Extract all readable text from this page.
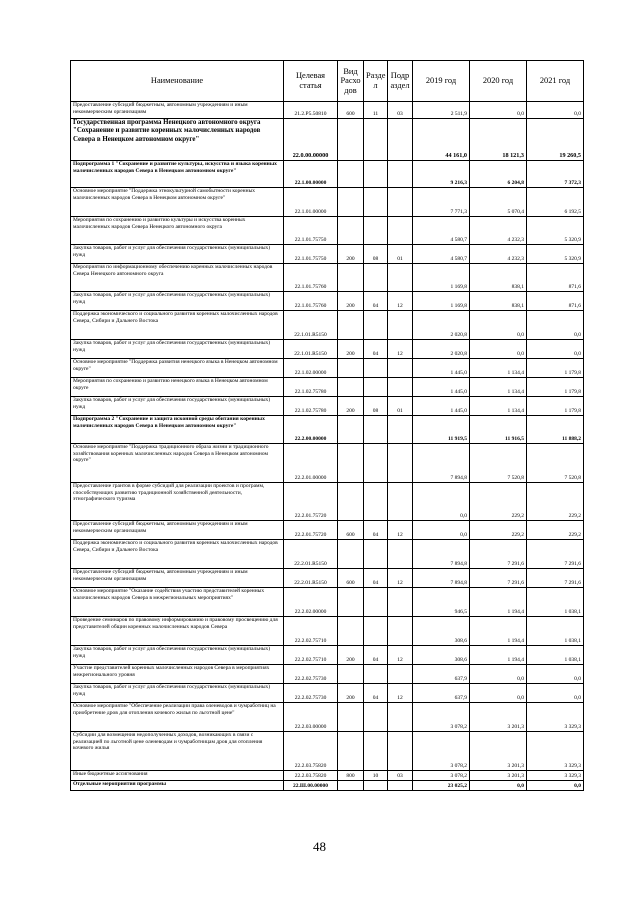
Наименование	Целевая статья	Вид Расхо дов	Разде л	Подр аздел	2019 год	2020 год	2021 год
Предоставление субсидий бюджетным, автономным учреждениям и иным некоммерческим организациям	21.2.P5.50810	600	11	03	2 511,9	0,0	0,0
Государственная программа Ненецкого автономного округа "Сохранение и развитие коренных малочисленных народов Севера в Ненецком автономном округе"	22.0.00.00000				44 161,0	18 121,3	19 260,5
Подпрограмма 1 "Сохранение и развитие культуры, искусства и языка коренных малочисленных народов Севера в Ненецком автономном округе"	22.1.00.00000				9 216,3	6 204,8	7 372,3
Основное мероприятие "Поддержка этнокультурной самобытности коренных малочисленных народов Севера в Ненецком автономном округе"	22.1.01.00000				7 771,3	5 070,4	6 192,5
Мероприятия по сохранению и развитию культуры и искусства коренных малочисленных народов Севера Ненецкого автономного округа	22.1.01.75750				4 580,7	4 232,3	5 320,9
Закупка товаров, работ и услуг для обеспечения государственных (муниципальных) нужд	22.1.01.75750	200	08	01	4 580,7	4 232,3	5 320,9
Мероприятия по информационному обеспечению коренных малочисленных народов Севера Ненецкого автономного округа	22.1.01.75760				1 169,8	838,1	871,6
Закупка товаров, работ и услуг для обеспечения государственных (муниципальных) нужд	22.1.01.75760	200	04	12	1 169,8	838,1	871,6
Поддержка экономического и социального развития коренных малочисленных народов Севера, Сибири и Дальнего Востока	22.1.01.R5150				2 020,8	0,0	0,0
Закупка товаров, работ и услуг для обеспечения государственных (муниципальных) нужд	22.1.01.R5150	200	04	12	2 020,8	0,0	0,0
Основное мероприятие "Поддержка развития ненецкого языка в Ненецком автономном округе"	22.1.02.00000				1 445,0	1 134,4	1 179,8
Мероприятия по сохранению и развитию ненецкого языка в Ненецком автономном округе	22.1.02.75780				1 445,0	1 134,4	1 179,8
Закупка товаров, работ и услуг для обеспечения государственных (муниципальных) нужд	22.1.02.75780	200	08	01	1 445,0	1 134,4	1 179,8
Подпрограмма 2 "Сохранение и защита исконной среды обитания коренных малочисленных народов Севера в Ненецком автономном округе"	22.2.00.00000				11 919,5	11 916,5	11 888,2
Основное мероприятие "Поддержка традиционного образа жизни и традиционного хозяйствования коренных малочисленных народов Севера в Ненецком автономном округе"	22.2.01.00000				7 894,8	7 520,8	7 520,8
Предоставление грантов в форме субсидий для реализации проектов и программ, способствующих развитию традиционной хозяйственной деятельности, этнографического туризма	22.2.01.75720				0,0	229,2	229,2
Предоставление субсидий бюджетным, автономным учреждениям и иным некоммерческим организациям	22.2.01.75720	600	04	12	0,0	229,2	229,2
Поддержка экономического и социального развития коренных малочисленных народов Севера, Сибири и Дальнего Востока	22.2.01.R5150				7 894,8	7 291,6	7 291,6
Предоставление субсидий бюджетным, автономным учреждениям и иным некоммерческим организациям	22.2.01.R5150	600	04	12	7 894,8	7 291,6	7 291,6
Основное мероприятие "Оказание содействия участию представителей коренных малочисленных народов Севера в межрегиональных мероприятиях"	22.2.02.00000				946,5	1 194,4	1 038,1
Проведение семинаров по правовому информированию и правовому просвещению для представителей общин коренных малочисленных народов Севера	22.2.02.75710				308,6	1 194,4	1 038,1
Закупка товаров, работ и услуг для обеспечения государственных (муниципальных) нужд	22.2.02.75710	200	04	12	308,6	1 194,4	1 038,1
Участие представителей коренных малочисленных народов Севера в мероприятиях межрегионального уровня	22.2.02.75730				637,9	0,0	0,0
Закупка товаров, работ и услуг для обеспечения государственных (муниципальных) нужд	22.2.02.75730	200	04	12	637,9	0,0	0,0
Основное мероприятие "Обеспечение реализации права оленеводов и чумработниц на приобретение дров для отопления кочевого жилья по льготной цене"	22.2.03.00000				3 078,2	3 201,3	3 329,3
Субсидии для возмещения недополученных доходов, возникающих в связи с реализацией по льготной цене оленеводам и чумработницам дров для отопления кочевого жилья	22.2.03.75820				3 078,2	3 201,3	3 329,3
Иные бюджетные ассигнования	22.2.03.75820	800	10	03	3 078,2	3 201,3	3 329,3
Отдельные мероприятия программы	22.Ш.00.00000				23 025,2	0,0	0,0
48
